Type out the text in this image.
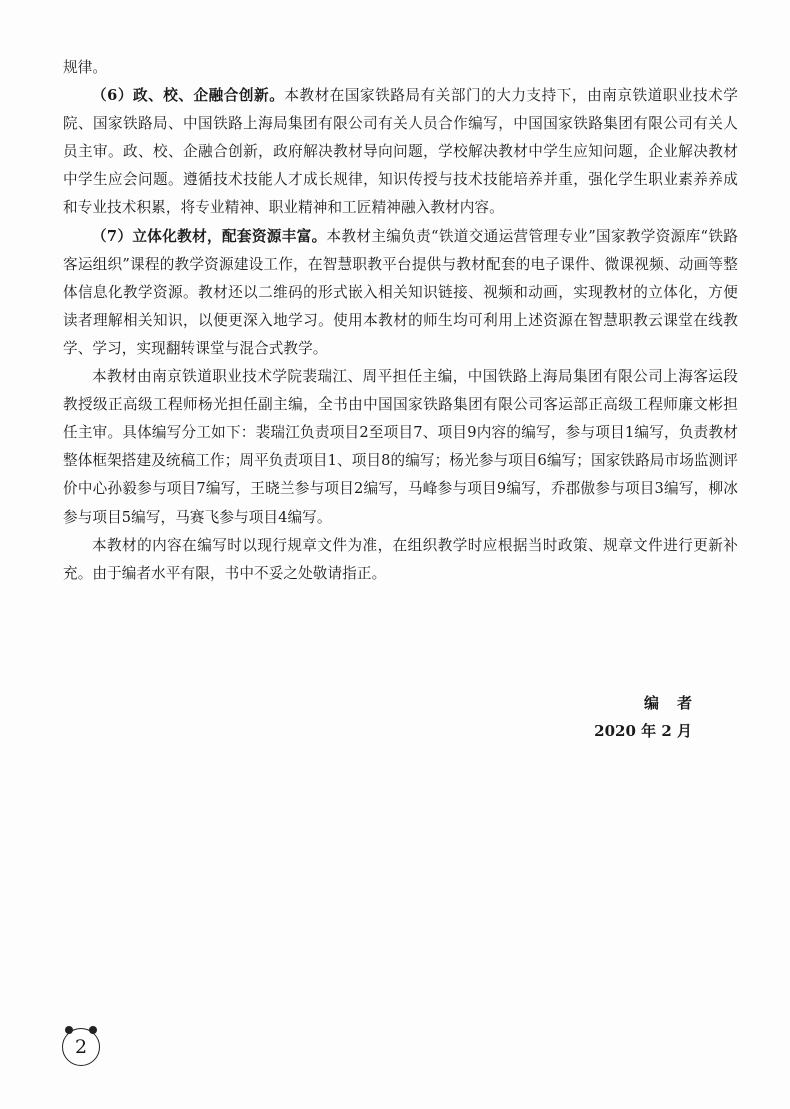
规律。

（6）政、校、企融合创新。本教材在国家铁路局有关部门的大力支持下，由南京铁道职业技术学院、国家铁路局、中国铁路上海局集团有限公司有关人员合作编写，中国国家铁路集团有限公司有关人员主审。政、校、企融合创新，政府解决教材导向问题，学校解决教材中学生应知问题，企业解决教材中学生应会问题。遵循技术技能人才成长规律，知识传授与技术技能培养并重，强化学生职业素养养成和专业技术积累，将专业精神、职业精神和工匠精神融入教材内容。

（7）立体化教材，配套资源丰富。本教材主编负责“铁道交通运营管理专业”国家教学资源库“铁路客运组织”课程的教学资源建设工作，在智慧职教平台提供与教材配套的电子课件、微课视频、动画等整体信息化教学资源。教材还以二维码的形式嵌入相关知识链接、视频和动画，实现教材的立体化，方便读者理解相关知识，以便更深入地学习。使用本教材的师生均可利用上述资源在智慧职教云课堂在线教学、学习，实现翻转课堂与混合式教学。

本教材由南京铁道职业技术学院裴瑞江、周平担任主编，中国铁路上海局集团有限公司上海客运段教授级正高级工程师杨光担任副主编，全书由中国国家铁路集团有限公司客运部正高级工程师廉文彬担任主审。具体编写分工如下：裴瑞江负责项目2至项目7、项目9内容的编写，参与项目1编写，负责教材整体框架搭建及统稿工作；周平负责项目1、项目8的编写；杨光参与项目6编写；国家铁路局市场监测评价中心孙毅参与项目7编写，王晓兰参与项目2编写，马峰参与项目9编写，乔郡傲参与项目3编写，柳冰参与项目5编写，马赛飞参与项目4编写。

本教材的内容在编写时以现行规章文件为准，在组织教学时应根据当时政策、规章文件进行更新补充。由于编者水平有限，书中不妥之处敬请指正。

编者
2020 年 2 月
2
